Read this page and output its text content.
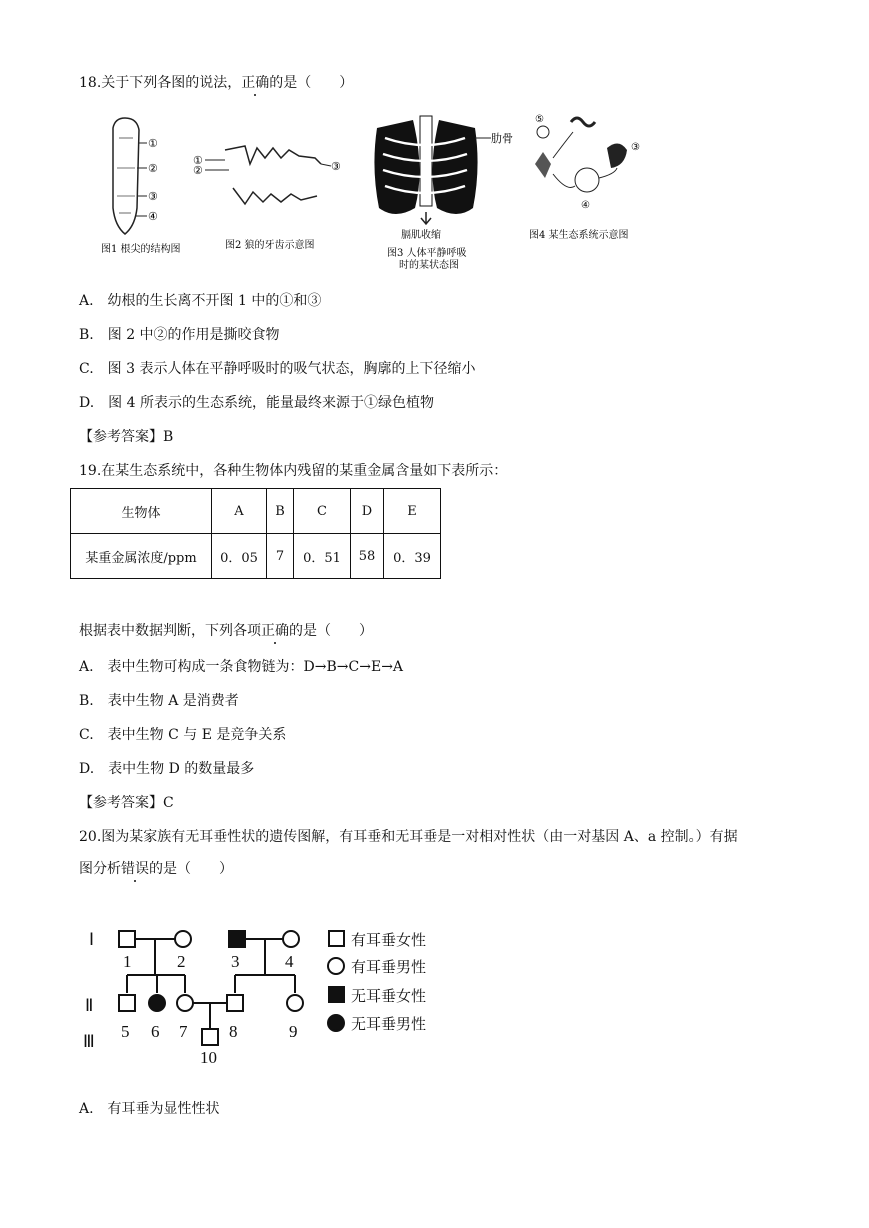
18.关于下列各图的说法，正确的是（　　）
①
②
③
④
图1 根尖的结构图
①
②	③
图2 狼的牙齿示意图
肋骨
膈肌收缩
图3 人体平静呼吸
时的某状态图
⑤
③
④
图4 某生态系统示意图
A.　幼根的生长离不开图 1 中的①和③
B.　图 2 中②的作用是撕咬食物
C.　图 3 表示人体在平静呼吸时的吸气状态，胸廓的上下径缩小
D.　图 4 所表示的生态系统，能量最终来源于①绿色植物
【参考答案】B
19.在某生态系统中，各种生物体内残留的某重金属含量如下表所示：
生物体	A	B	C	D	E
某重金属浓度/ppm	0．05	7	0．51	58	0．39
根据表中数据判断，下列各项正确的是（　　）
A.　表中生物可构成一条食物链为：D→B→C→E→A
B.　表中生物 A 是消费者
C.　表中生物 C 与 E 是竞争关系
D.　表中生物 D 的数量最多
【参考答案】C
20.图为某家族有无耳垂性状的遗传图解，有耳垂和无耳垂是一对相对性状（由一对基因 A、a 控制。）有据
图分析错误的是（　　）
Ⅰ
Ⅱ
Ⅲ
1	2	3	4
5 6 7 8	9
10
有耳垂女性
有耳垂男性
无耳垂女性
无耳垂男性
A.　有耳垂为显性性状
